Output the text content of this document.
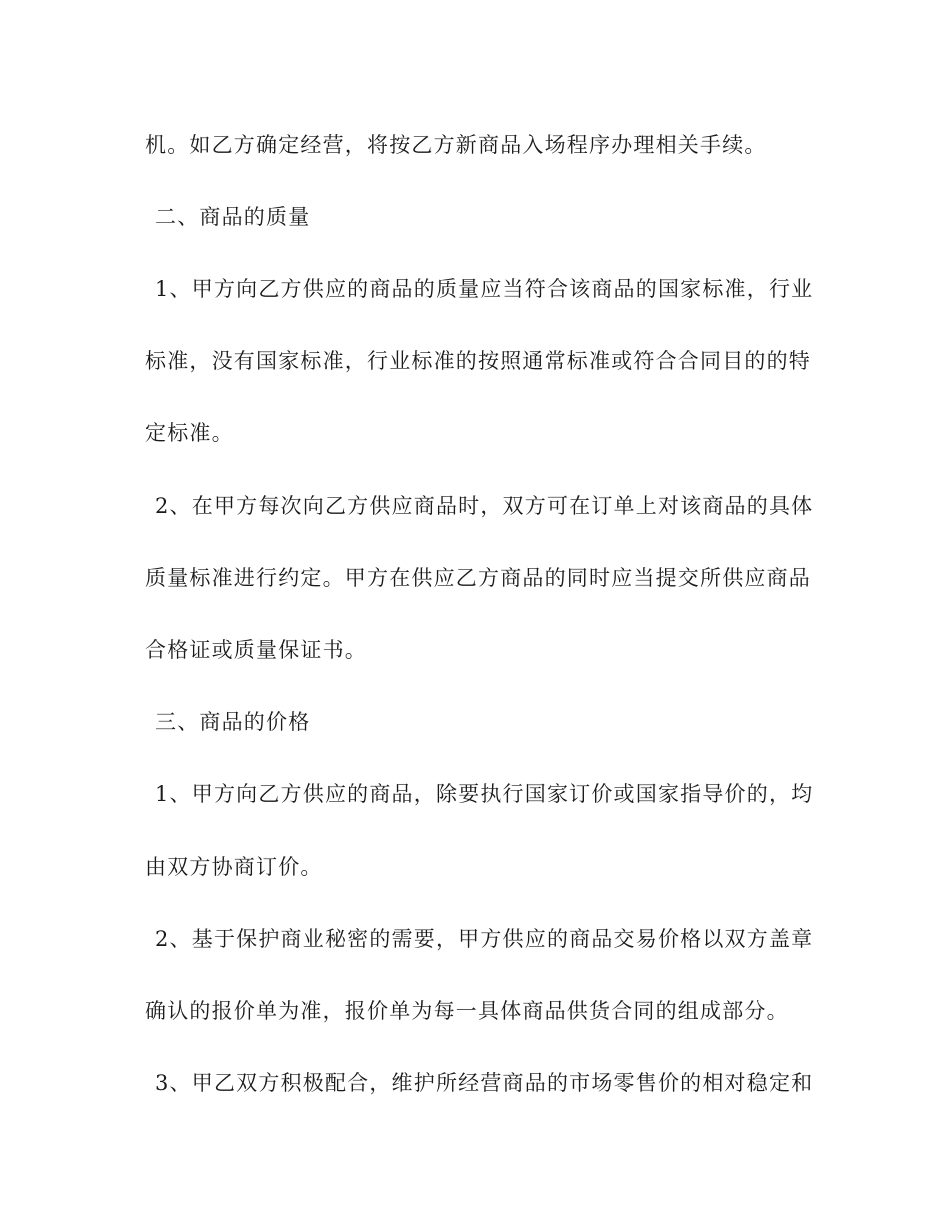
机。如乙方确定经营，将按乙方新商品入场程序办理相关手续。
二、商品的质量
1、甲方向乙方供应的商品的质量应当符合该商品的国家标准，行业
标准，没有国家标准，行业标准的按照通常标准或符合合同目的的特
定标准。
2、在甲方每次向乙方供应商品时，双方可在订单上对该商品的具体
质量标准进行约定。甲方在供应乙方商品的同时应当提交所供应商品
合格证或质量保证书。
三、商品的价格
1、甲方向乙方供应的商品，除要执行国家订价或国家指导价的，均
由双方协商订价。
2、基于保护商业秘密的需要，甲方供应的商品交易价格以双方盖章
确认的报价单为准，报价单为每一具体商品供货合同的组成部分。
3、甲乙双方积极配合，维护所经营商品的市场零售价的相对稳定和
